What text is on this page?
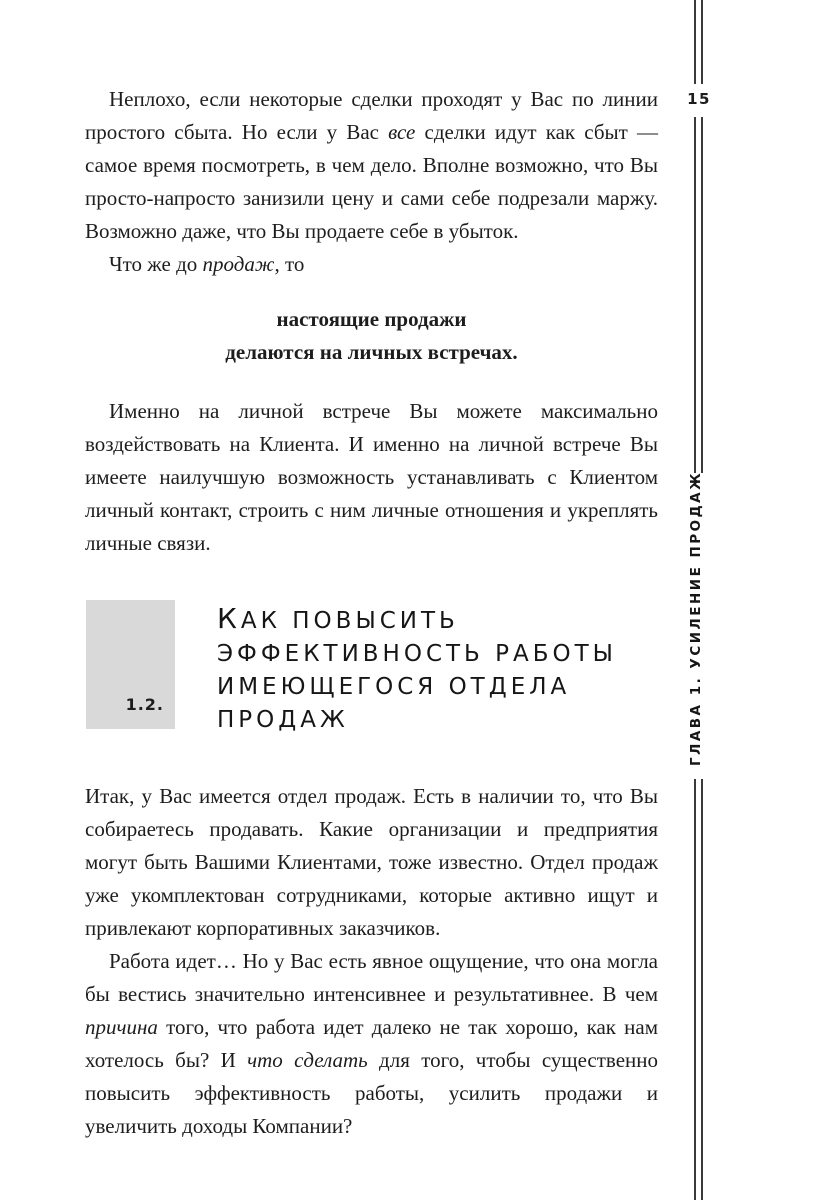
15
ГЛАВА 1. УСИЛЕНИЕ ПРОДАЖ
Неплохо, если некоторые сделки проходят у Вас по линии простого сбыта. Но если у Вас все сделки идут как сбыт — самое время посмотреть, в чем дело. Вполне возможно, что Вы просто-напросто занизили цену и сами себе подрезали маржу. Возможно даже, что Вы продаете себе в убыток.
Что же до продаж, то
настоящие продажи
делаются на личных встречах.
Именно на личной встрече Вы можете максимально воздействовать на Клиента. И именно на личной встрече Вы имеете наилучшую возможность устанавливать с Клиентом личный контакт, строить с ним личные отношения и укреплять личные связи.
1.2.
КАК ПОВЫСИТЬ
ЭФФЕКТИВНОСТЬ РАБОТЫ
ИМЕЮЩЕГОСЯ ОТДЕЛА
ПРОДАЖ
Итак, у Вас имеется отдел продаж. Есть в наличии то, что Вы собираетесь продавать. Какие организации и предприятия могут быть Вашими Клиентами, тоже известно. Отдел продаж уже укомплектован сотрудниками, которые активно ищут и привлекают корпоративных заказчиков.
Работа идет… Но у Вас есть явное ощущение, что она могла бы вестись значительно интенсивнее и результативнее. В чем причина того, что работа идет далеко не так хорошо, как нам хотелось бы? И что сделать для того, чтобы существенно повысить эффективность работы, усилить продажи и увеличить доходы Компании?
